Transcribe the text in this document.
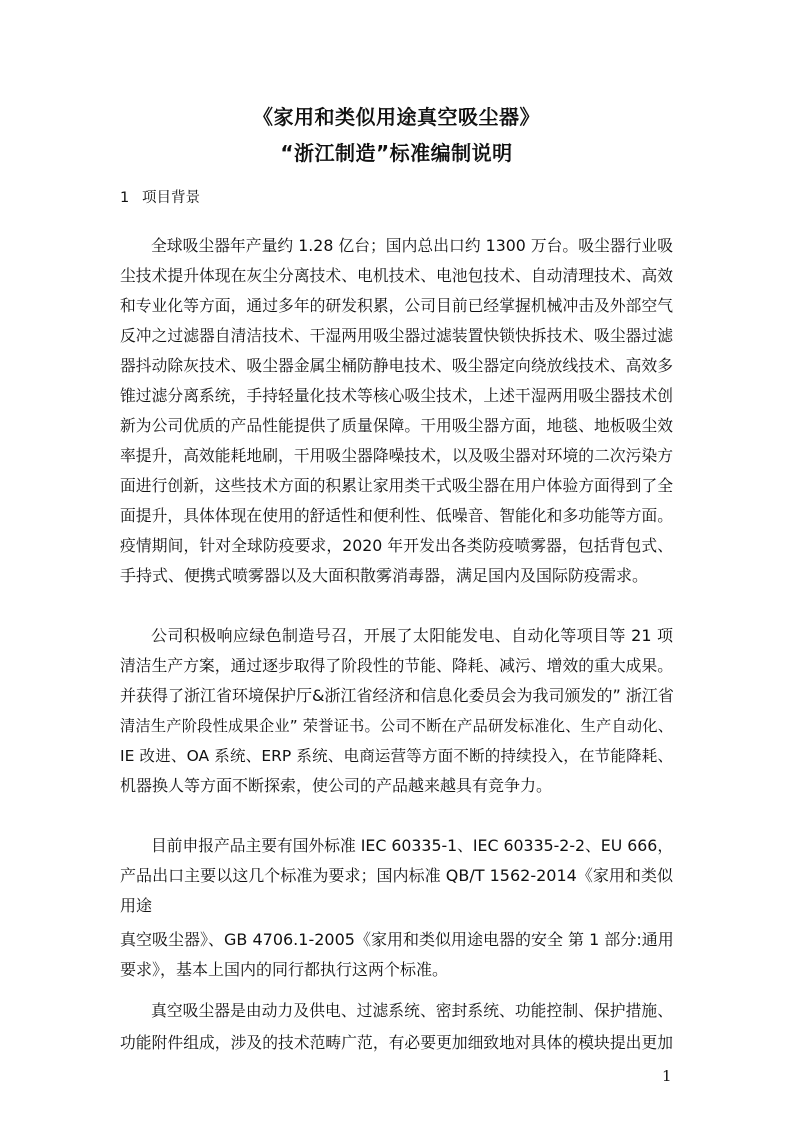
《家用和类似用途真空吸尘器》
“浙江制造”标准编制说明
1 项目背景
全球吸尘器年产量约 1.28 亿台；国内总出口约 1300 万台。吸尘器行业吸
尘技术提升体现在灰尘分离技术、电机技术、电池包技术、自动清理技术、高效
和专业化等方面，通过多年的研发积累，公司目前已经掌握机械冲击及外部空气
反冲之过滤器自清洁技术、干湿两用吸尘器过滤装置快锁快拆技术、吸尘器过滤
器抖动除灰技术、吸尘器金属尘桶防静电技术、吸尘器定向绕放线技术、高效多
锥过滤分离系统，手持轻量化技术等核心吸尘技术，上述干湿两用吸尘器技术创
新为公司优质的产品性能提供了质量保障。干用吸尘器方面，地毯、地板吸尘效
率提升，高效能耗地刷，干用吸尘器降噪技术，以及吸尘器对环境的二次污染方
面进行创新，这些技术方面的积累让家用类干式吸尘器在用户体验方面得到了全
面提升，具体体现在使用的舒适性和便利性、低噪音、智能化和多功能等方面。
疫情期间，针对全球防疫要求，2020 年开发出各类防疫喷雾器，包括背包式、
手持式、便携式喷雾器以及大面积散雾消毒器，满足国内及国际防疫需求。
公司积极响应绿色制造号召，开展了太阳能发电、自动化等项目等 21 项
清洁生产方案，通过逐步取得了阶段性的节能、降耗、减污、增效的重大成果。
并获得了浙江省环境保护厅&浙江省经济和信息化委员会为我司颁发的” 浙江省
清洁生产阶段性成果企业” 荣誉证书。公司不断在产品研发标准化、生产自动化、
IE 改进、OA 系统、ERP 系统、电商运营等方面不断的持续投入，在节能降耗、
机器换人等方面不断探索，使公司的产品越来越具有竞争力。
目前申报产品主要有国外标准 IEC 60335-1、IEC 60335-2-2、EU 666，
产品出口主要以这几个标准为要求；国内标准 QB/T 1562-2014《家用和类似
用途
真空吸尘器》、GB 4706.1-2005《家用和类似用途电器的安全 第 1 部分:通用
要求》，基本上国内的同行都执行这两个标准。
真空吸尘器是由动力及供电、过滤系统、密封系统、功能控制、保护措施、
功能附件组成，涉及的技术范畴广范，有必要更加细致地对具体的模块提出更加
1
